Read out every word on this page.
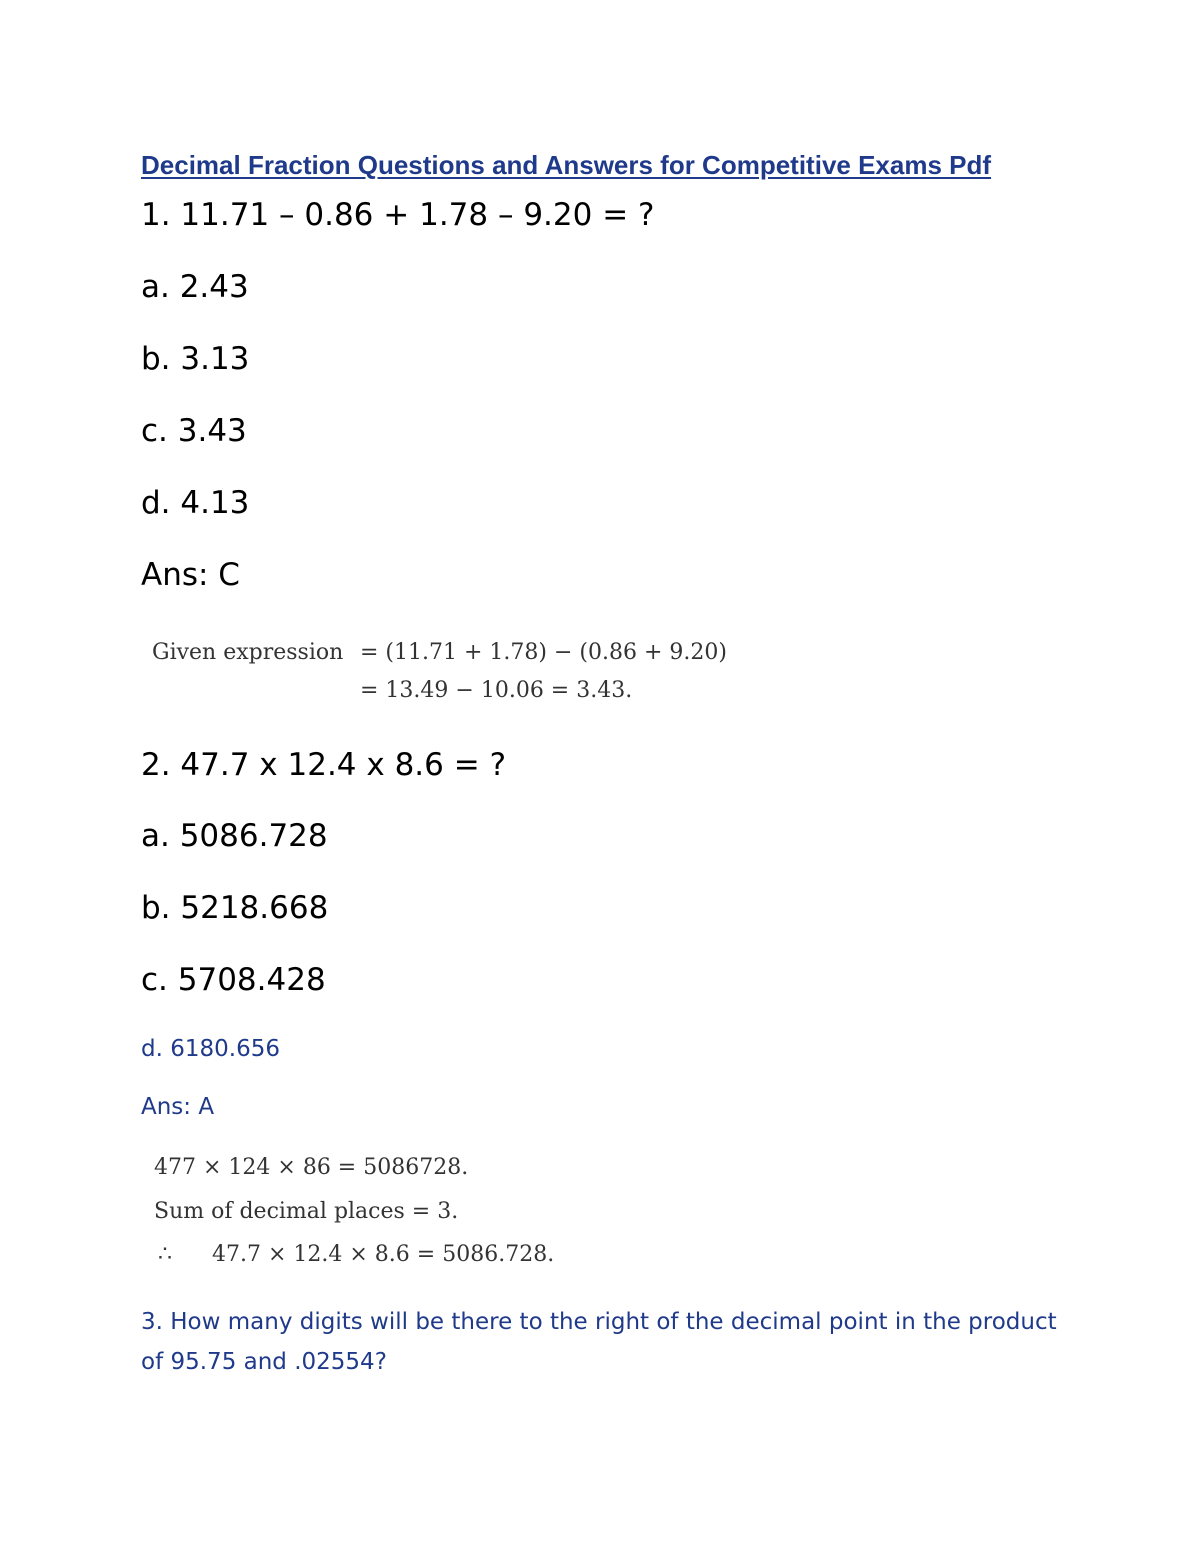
Decimal Fraction Questions and Answers for Competitive Exams Pdf
1. 11.71 – 0.86 + 1.78 – 9.20 = ?
a. 2.43
b. 3.13
c. 3.43
d. 4.13
Ans: C
Given expression = (11.71 + 1.78) − (0.86 + 9.20)
= 13.49 − 10.06 = 3.43.
2. 47.7 x 12.4 x 8.6 = ?
a. 5086.728
b. 5218.668
c. 5708.428
d. 6180.656
Ans: A
477 × 124 × 86 = 5086728.
Sum of decimal places = 3.
∴ 47.7 × 12.4 × 8.6 = 5086.728.
3. How many digits will be there to the right of the decimal point in the product of 95.75 and .02554?
